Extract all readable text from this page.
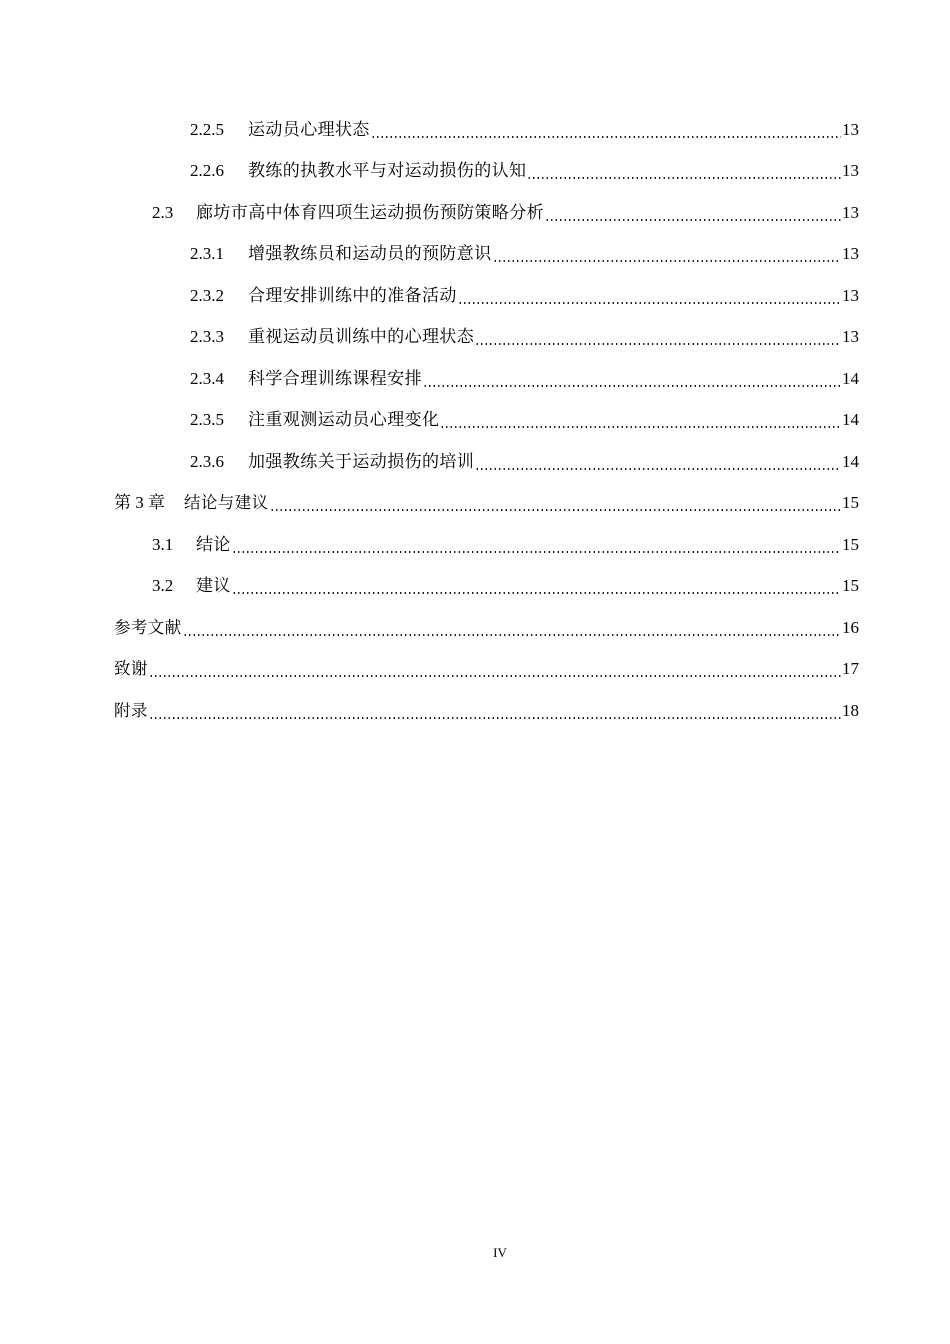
2.2.5	运动员心理状态	13
2.2.6	教练的执教水平与对运动损伤的认知	13
2.3	廊坊市高中体育四项生运动损伤预防策略分析	13
2.3.1	增强教练员和运动员的预防意识	13
2.3.2	合理安排训练中的准备活动	13
2.3.3	重视运动员训练中的心理状态	13
2.3.4	科学合理训练课程安排	14
2.3.5	注重观测运动员心理变化	14
2.3.6	加强教练关于运动损伤的培训	14
第 3 章 结论与建议	15
3.1	结论	15
3.2	建议	15
参考文献	16
致谢	17
附录	18
IV
